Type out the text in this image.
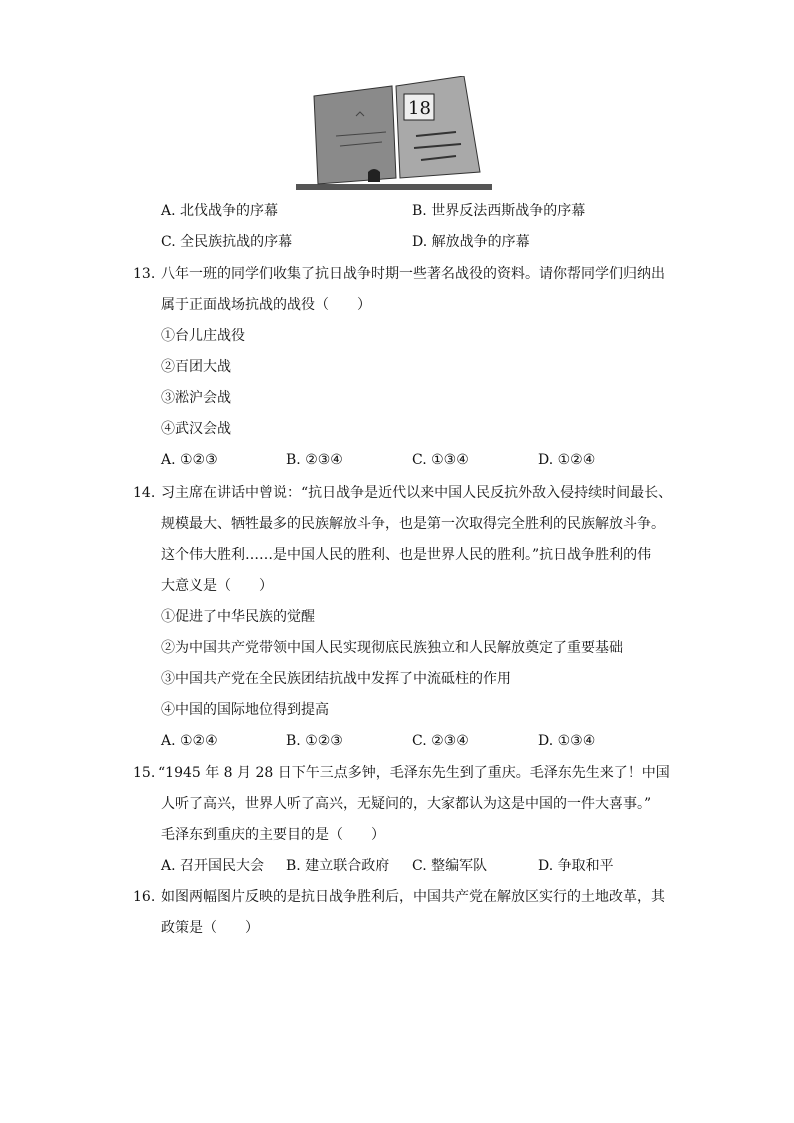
18
A. 北伐战争的序幕	B. 世界反法西斯战争的序幕
C. 全民族抗战的序幕	D. 解放战争的序幕
13. 八年一班的同学们收集了抗日战争时期一些著名战役的资料。请你帮同学们归纳出
属于正面战场抗战的战役（　　）
①台儿庄战役
②百团大战
③淞沪会战
④武汉会战
A. ①②③	B. ②③④	C. ①③④	D. ①②④
14. 习主席在讲话中曾说：“抗日战争是近代以来中国人民反抗外敌入侵持续时间最长、
规模最大、牺牲最多的民族解放斗争，也是第一次取得完全胜利的民族解放斗争。
这个伟大胜利……是中国人民的胜利、也是世界人民的胜利。”抗日战争胜利的伟
大意义是（　　）
①促进了中华民族的觉醒
②为中国共产党带领中国人民实现彻底民族独立和人民解放奠定了重要基础
③中国共产党在全民族团结抗战中发挥了中流砥柱的作用
④中国的国际地位得到提高
A. ①②④	B. ①②③	C. ②③④	D. ①③④
15. “1945 年 8 月 28 日下午三点多钟，毛泽东先生到了重庆。毛泽东先生来了！中国
人听了高兴，世界人听了高兴，无疑问的，大家都认为这是中国的一件大喜事。”
毛泽东到重庆的主要目的是（　　）
A. 召开国民大会 B. 建立联合政府 C. 整编军队	D. 争取和平
16. 如图两幅图片反映的是抗日战争胜利后，中国共产党在解放区实行的土地改革，其
政策是（　　）
